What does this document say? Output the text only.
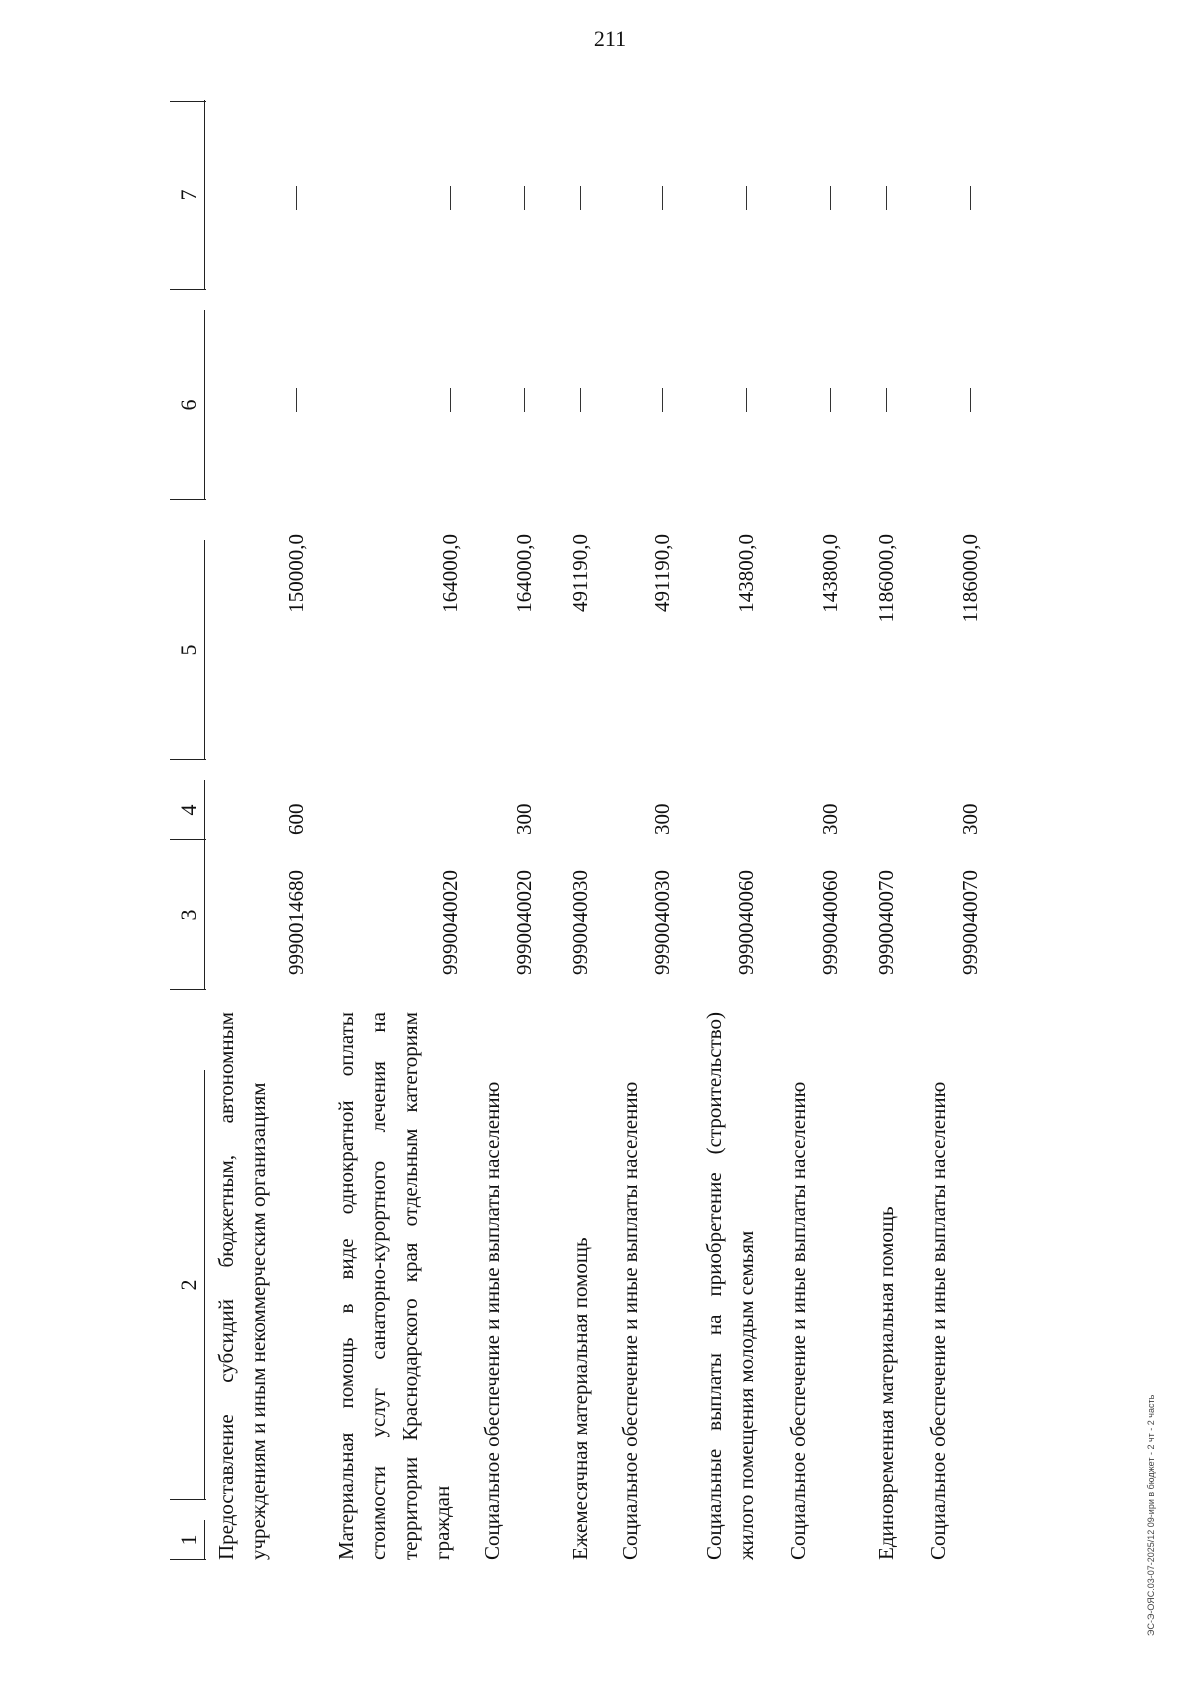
211
1
2
3
4
5
6
7
Предоставление субсидий бюджетным, автономным учреждениям и иным некоммерческим организациям
9990014680
600
150000,0
Материальная помощь в виде однократной оплаты стоимости услуг санаторно-курортного лечения на территории Краснодарского края отдельным категориям граждан
9990040020
164000,0
Социальное обеспечение и иные выплаты населению
9990040020
300
164000,0
Ежемесячная материальная помощь
9990040030
491190,0
Социальное обеспечение и иные выплаты населению
9990040030
300
491190,0
Социальные выплаты на приобретение (строительство) жилого помещения молодым семьям
9990040060
143800,0
Социальное обеспечение и иные выплаты населению
9990040060
300
143800,0
Единовременная материальная помощь
9990040070
1186000,0
Социальное обеспечение и иные выплаты населению
9990040070
300
1186000,0
ЭС-Э-ОЯС.03-07-2025/12 09-ири в бюджет - 2 чт - 2 часть
